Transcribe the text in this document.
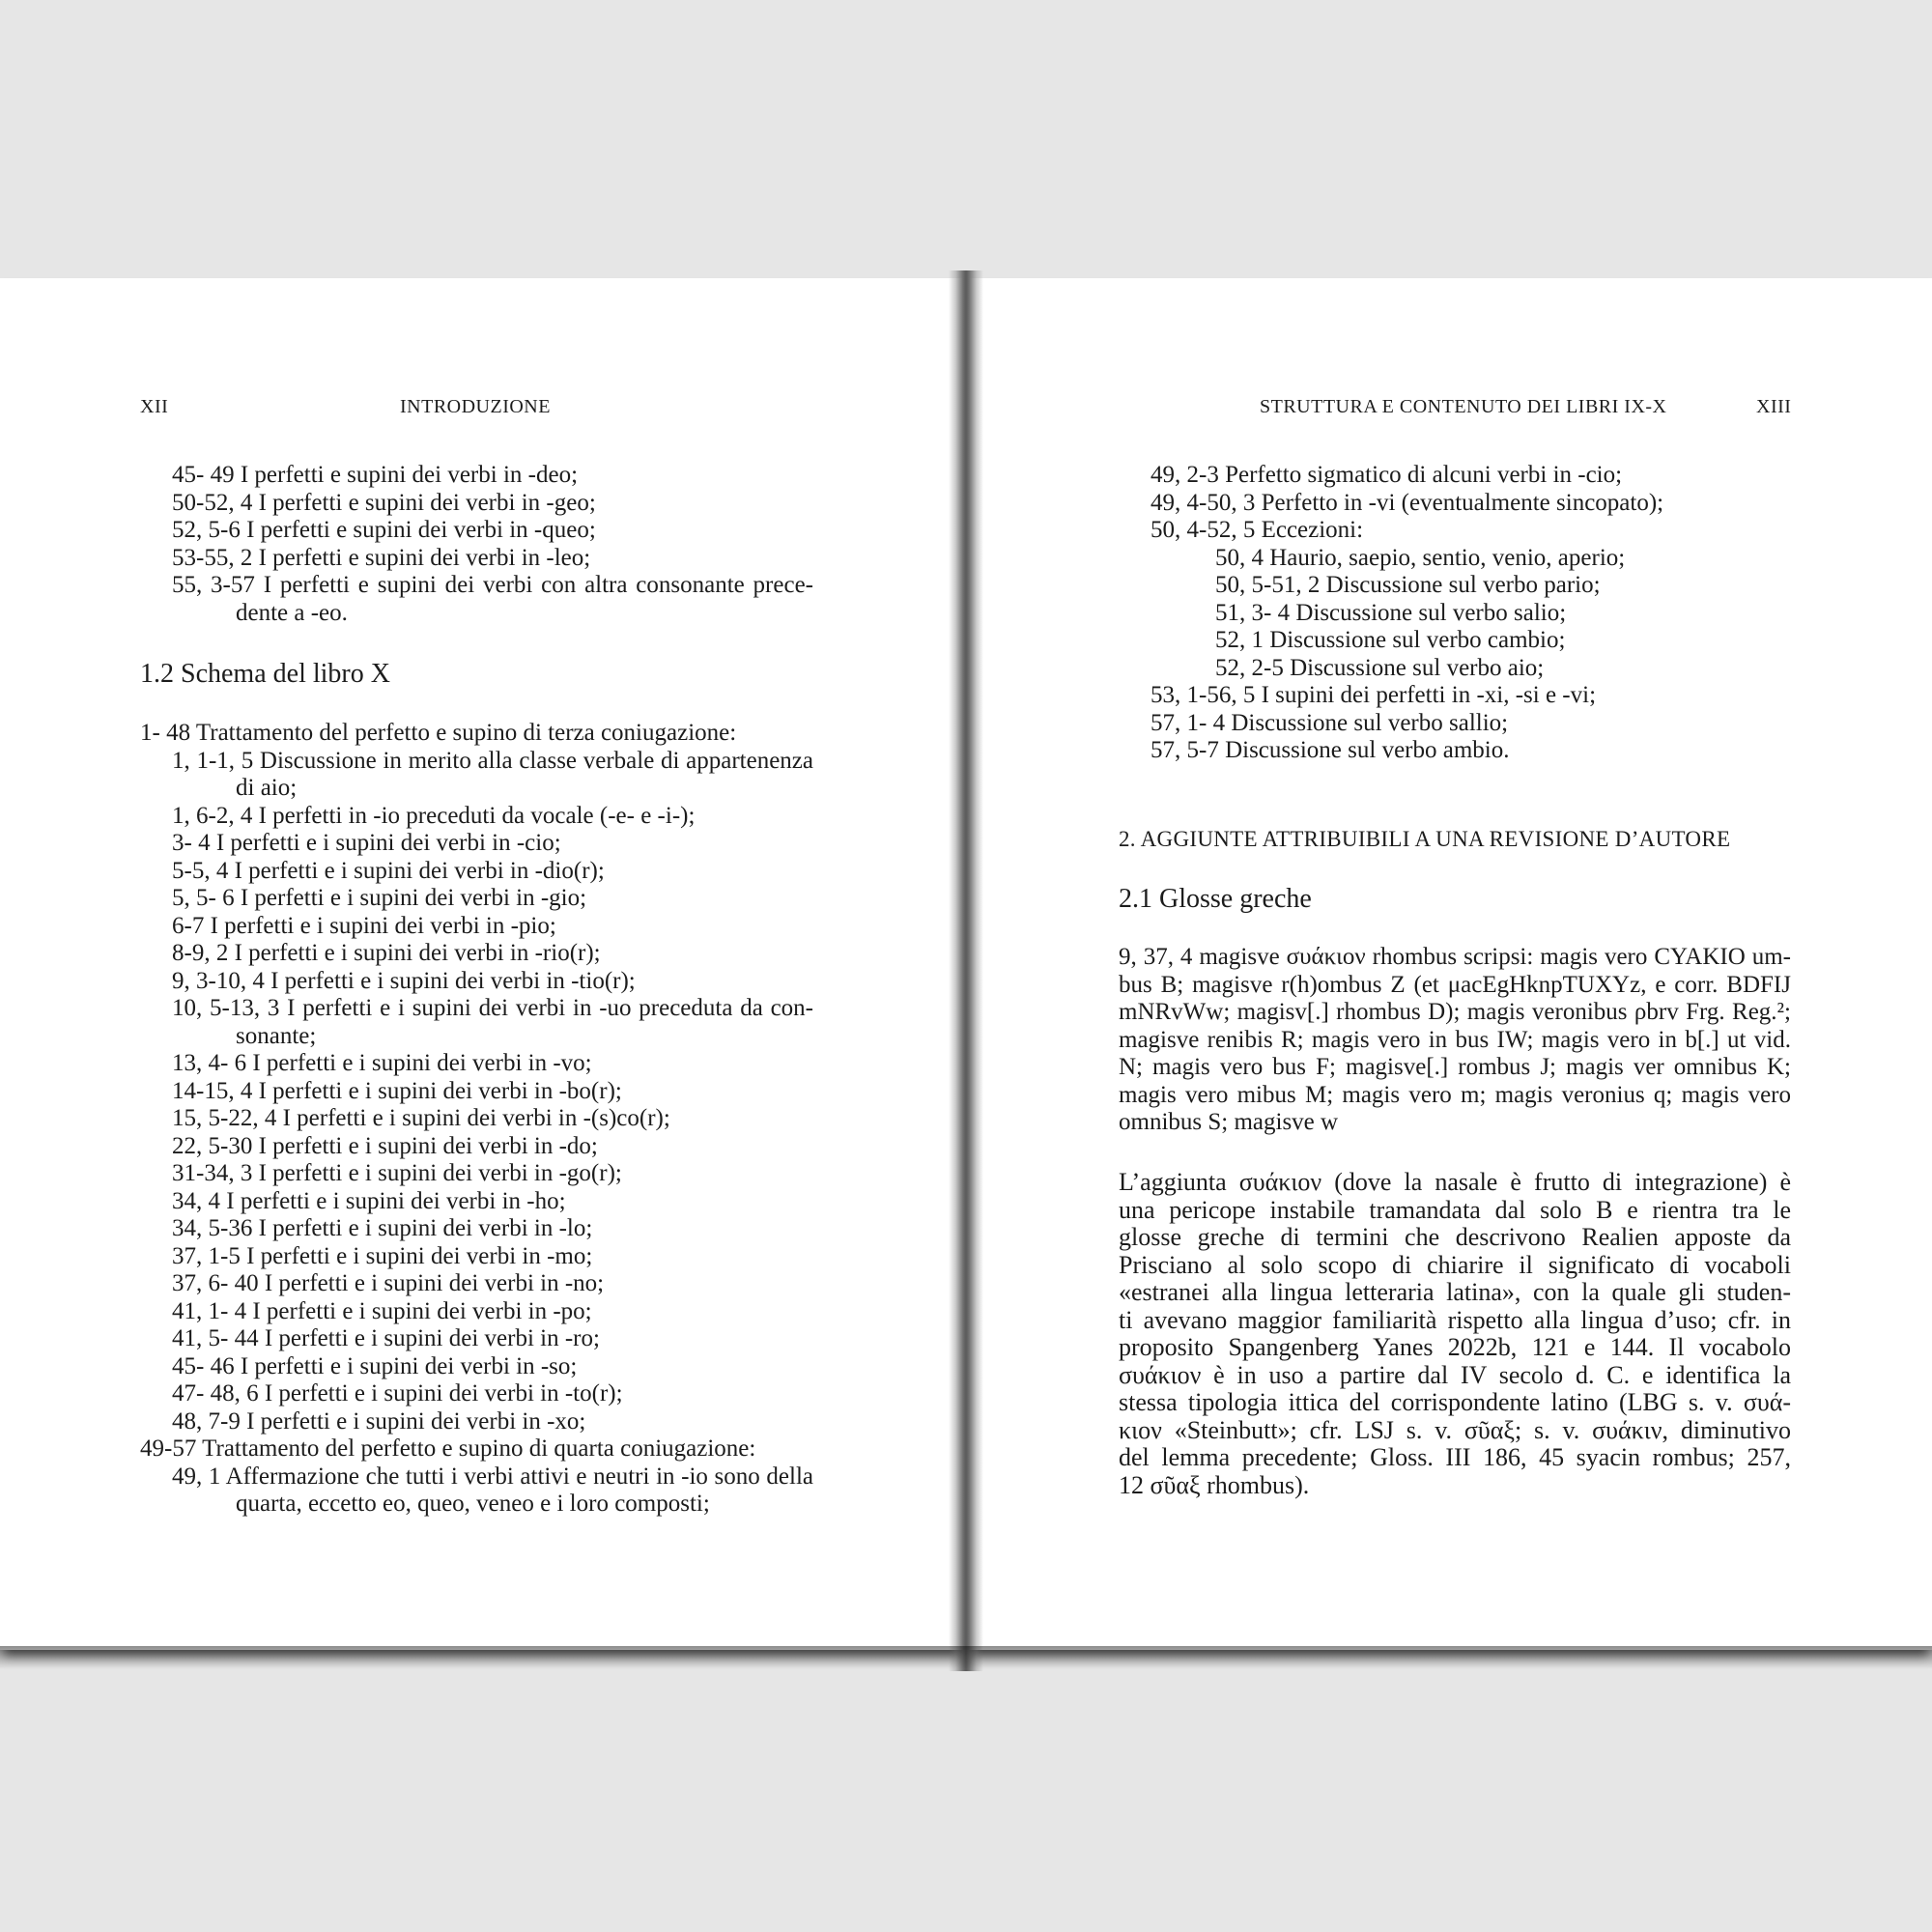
XII	INTRODUZIONE
45- 49 I perfetti e supini dei verbi in -deo;
50-52, 4 I perfetti e supini dei verbi in -geo;
52, 5-6 I perfetti e supini dei verbi in -queo;
53-55, 2 I perfetti e supini dei verbi in -leo;
55, 3-57 I perfetti e supini dei verbi con altra consonante prece-
dente a -eo.
1.2 Schema del libro X
1- 48 Trattamento del perfetto e supino di terza coniugazione:
1, 1-1, 5 Discussione in merito alla classe verbale di appartenenza
di aio;
1, 6-2, 4 I perfetti in -io preceduti da vocale (-e- e -i-);
3- 4 I perfetti e i supini dei verbi in -cio;
5-5, 4 I perfetti e i supini dei verbi in -dio(r);
5, 5- 6 I perfetti e i supini dei verbi in -gio;
6-7 I perfetti e i supini dei verbi in -pio;
8-9, 2 I perfetti e i supini dei verbi in -rio(r);
9, 3-10, 4 I perfetti e i supini dei verbi in -tio(r);
10, 5-13, 3 I perfetti e i supini dei verbi in -uo preceduta da con-
sonante;
13, 4- 6 I perfetti e i supini dei verbi in -vo;
14-15, 4 I perfetti e i supini dei verbi in -bo(r);
15, 5-22, 4 I perfetti e i supini dei verbi in -(s)co(r);
22, 5-30 I perfetti e i supini dei verbi in -do;
31-34, 3 I perfetti e i supini dei verbi in -go(r);
34, 4 I perfetti e i supini dei verbi in -ho;
34, 5-36 I perfetti e i supini dei verbi in -lo;
37, 1-5 I perfetti e i supini dei verbi in -mo;
37, 6- 40 I perfetti e i supini dei verbi in -no;
41, 1- 4 I perfetti e i supini dei verbi in -po;
41, 5- 44 I perfetti e i supini dei verbi in -ro;
45- 46 I perfetti e i supini dei verbi in -so;
47- 48, 6 I perfetti e i supini dei verbi in -to(r);
48, 7-9 I perfetti e i supini dei verbi in -xo;
49-57 Trattamento del perfetto e supino di quarta coniugazione:
49, 1 Affermazione che tutti i verbi attivi e neutri in -io sono della
quarta, eccetto eo, queo, veneo e i loro composti;
STRUTTURA E CONTENUTO DEI LIBRI IX-X	XIII
49, 2-3 Perfetto sigmatico di alcuni verbi in -cio;
49, 4-50, 3 Perfetto in -vi (eventualmente sincopato);
50, 4-52, 5 Eccezioni:
50, 4 Haurio, saepio, sentio, venio, aperio;
50, 5-51, 2 Discussione sul verbo pario;
51, 3- 4 Discussione sul verbo salio;
52, 1 Discussione sul verbo cambio;
52, 2-5 Discussione sul verbo aio;
53, 1-56, 5 I supini dei perfetti in -xi, -si e -vi;
57, 1- 4 Discussione sul verbo sallio;
57, 5-7 Discussione sul verbo ambio.
2. AGGIUNTE ATTRIBUIBILI A UNA REVISIONE D’AUTORE
2.1 Glosse greche
9, 37, 4 magisve συάκιον rhombus scripsi: magis vero CYAKIO um-
bus B; magisve r(h)ombus Z (et μacEgHknpTUXYz, e corr. BDFIJ
mNRvWw; magisv[.] rhombus D); magis veronibus ρbrv Frg. Reg.²;
magisve renibis R; magis vero in bus IW; magis vero in b[.] ut vid.
N; magis vero bus F; magisve[.] rombus J; magis ver omnibus K;
magis vero mibus M; magis vero m; magis veronius q; magis vero
omnibus S; magisve w
L’aggiunta συάκιον (dove la nasale è frutto di integrazione) è
una pericope instabile tramandata dal solo B e rientra tra le
glosse greche di termini che descrivono Realien apposte da
Prisciano al solo scopo di chiarire il significato di vocaboli
«estranei alla lingua letteraria latina», con la quale gli studen-
ti avevano maggior familiarità rispetto alla lingua d’uso; cfr. in
proposito Spangenberg Yanes 2022b, 121 e 144. Il vocabolo
συάκιον è in uso a partire dal IV secolo d. C. e identifica la
stessa tipologia ittica del corrispondente latino (LBG s. v. συά-
κιον «Steinbutt»; cfr. LSJ s. v. σῦαξ; s. v. συάκιν, diminutivo
del lemma precedente; Gloss. III 186, 45 syacin rombus; 257,
12 σῦαξ rhombus).
